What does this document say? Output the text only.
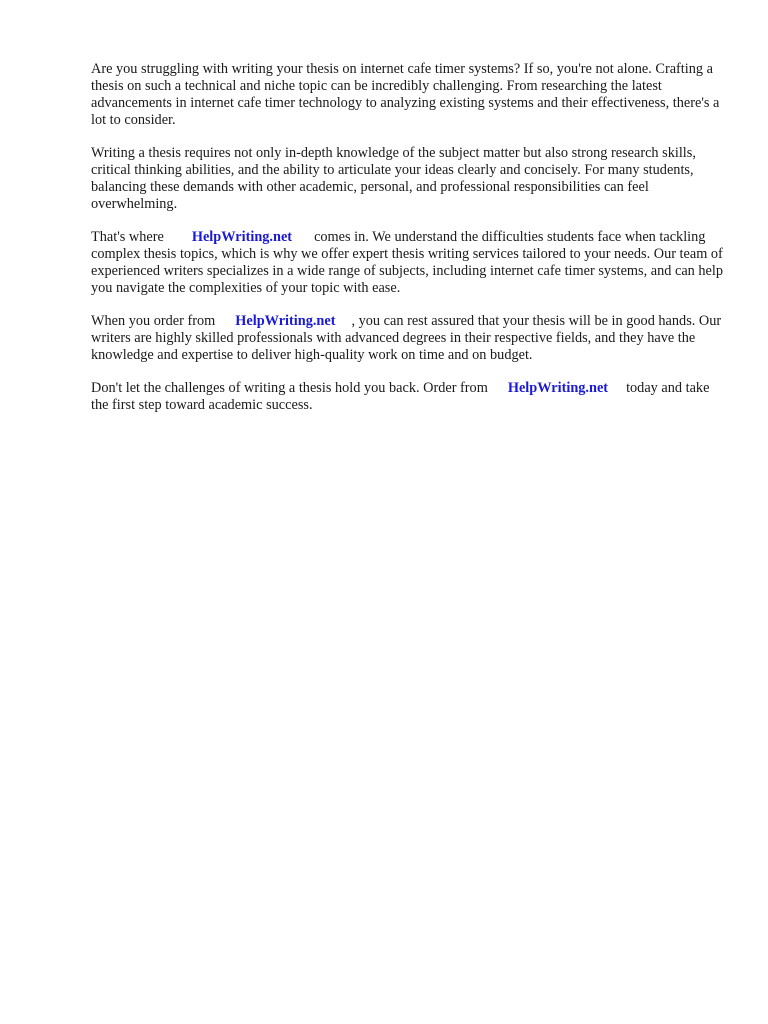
Are you struggling with writing your thesis on internet cafe timer systems? If so, you're not alone. Crafting a thesis on such a technical and niche topic can be incredibly challenging. From researching the latest advancements in internet cafe timer technology to analyzing existing systems and their effectiveness, there's a lot to consider.

Writing a thesis requires not only in-depth knowledge of the subject matter but also strong research skills, critical thinking abilities, and the ability to articulate your ideas clearly and concisely. For many students, balancing these demands with other academic, personal, and professional responsibilities can feel overwhelming.

That's where HelpWriting.net comes in. We understand the difficulties students face when tackling complex thesis topics, which is why we offer expert thesis writing services tailored to your needs. Our team of experienced writers specializes in a wide range of subjects, including internet cafe timer systems, and can help you navigate the complexities of your topic with ease.

When you order from HelpWriting.net , you can rest assured that your thesis will be in good hands. Our writers are highly skilled professionals with advanced degrees in their respective fields, and they have the knowledge and expertise to deliver high-quality work on time and on budget.

Don't let the challenges of writing a thesis hold you back. Order from HelpWriting.net today and take the first step toward academic success.
